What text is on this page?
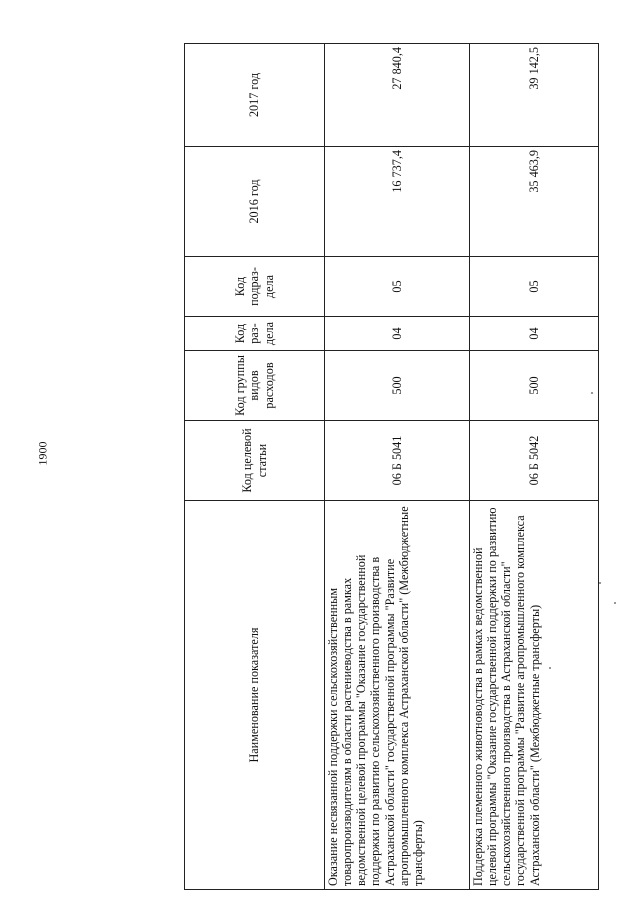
1900
Наименование показателя	Код целевой статьи	Код группы видов расходов	Код раз-дела	Код подраз-дела	2016 год	2017 год
Оказание несвязанной поддержки сельскохозяйственным товаропроизводителям в области растениеводства в рамках ведомственной целевой программы "Оказание государственной поддержки по развитию сельскохозяйственного производства в Астраханской области" государственной программы "Развитие агропромышленного комплекса Астраханской области" (Межбюджетные трансферты)	06 Б 5041	500	04	05	16 737,4	27 840,4
Поддержка племенного животноводства в рамках ведомственной целевой программы "Оказание государственной поддержки по развитию сельскохозяйственного производства в Астраханской области" государственной программы "Развитие агропромышленного комплекса Астраханской области" (Межбюджетные трансферты)	06 Б 5042	500	04	05	35 463,9	39 142,5
